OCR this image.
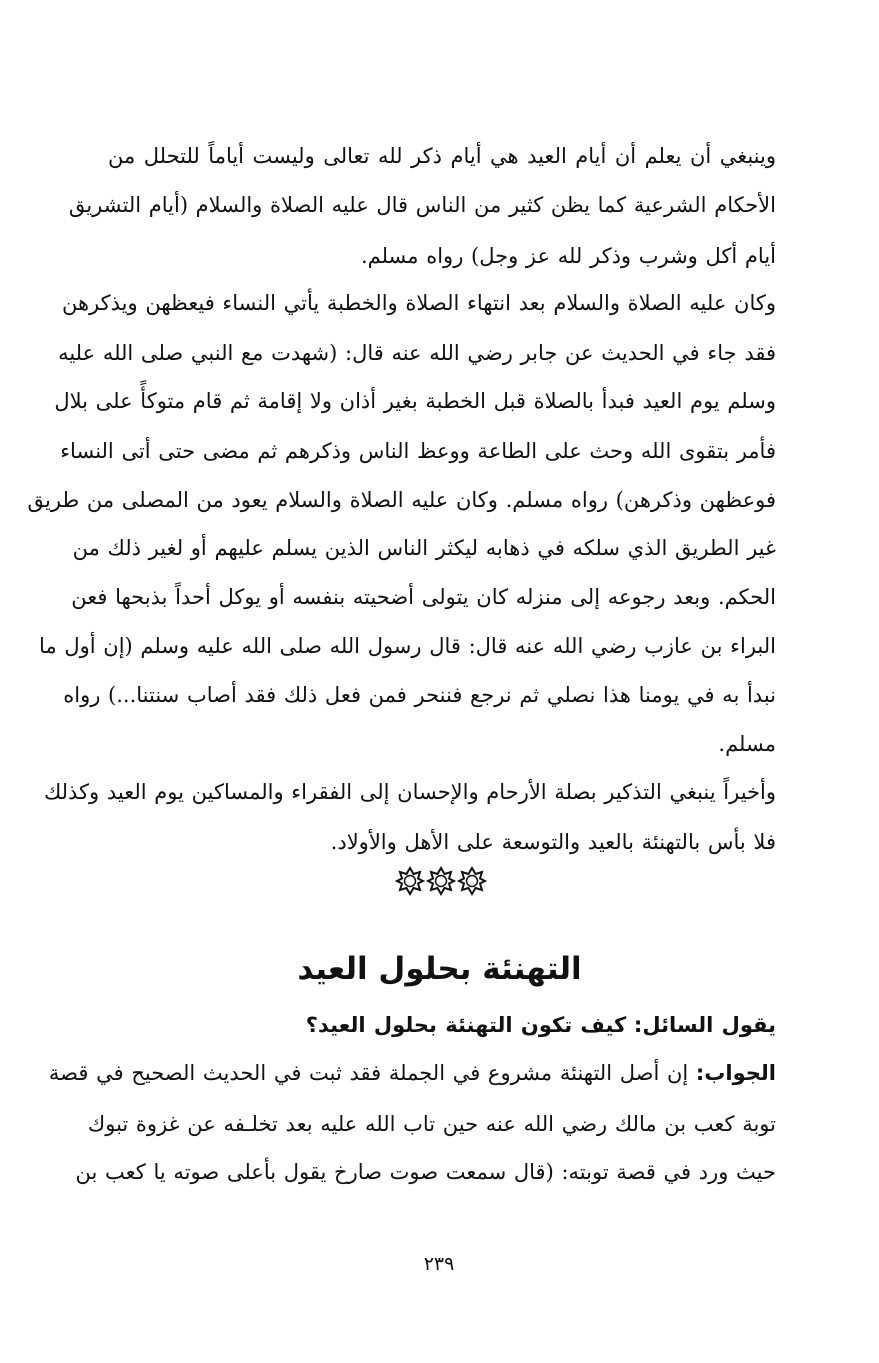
وينبغي أن يعلم أن أيام العيد هي أيام ذكر لله تعالى وليست ‌أياماً للتحلل من
الأحكام الشرعية كما يظن كثير من الناس قال عليه الصلاة والسلام (أيام التشريق
أيام أكل وشرب وذكر لله عز وجل) رواه مسلم.
وكان عليه الصلاة والسلام بعد انتهاء الصلاة والخطبة يأتي النساء فيعظهن ويذكرهن
فقد جاء في الحديث عن جابر رضي الله عنه قال: (شهدت مع النبي صلى الله عليه
وسلم يوم العيد فبدأ بالصلاة قبل الخطبة بغير أذان ولا إقامة ثم قام متوكأً على بلال
فأمر بتقوى الله وحث على الطاعة ووعظ الناس وذكرهم ثم مضى حتى أتى النساء
فوعظهن وذكرهن) رواه مسلم. وكان عليه الصلاة والسلام يعود من المصلى من طريق
غير الطريق الذي سلكه في ذهابه ليكثر الناس الذين يسلم عليهم أو لغير ذلك من
الحكم. وبعد رجوعه إلى منزله كان يتولى أضحيته بنفسه أو يوكل أحداً بذبحها فعن
البراء بن عازب رضي الله عنه قال: قال رسول الله صلى الله عليه وسلم (إن أول ما
نبدأ به في يومنا هذا نصلي ثم نرجع فننحر فمن فعل ذلك فقد أصاب سنتنا...) رواه
مسلم.
وأخيراً ينبغي التذكير بصلة الأرحام والإحسان إلى الفقراء والمساكين يوم العيد وكذلك
فلا بأس بالتهنئة بالعيد والتوسعة على الأهل والأولاد.
التهنئة بحلول العيد
يقول السائل: كيف تكون التهنئة بحلول العيد؟
الجواب: إن أصل التهنئة مشروع في الجملة فقد ثبت في الحديث الصحيح في قصة
توبة كعب بن مالك رضي الله عنه حين تاب الله عليه بعد تخلـفه عن غزوة تبوك
حيث ورد في قصة توبته: (قال سمعت صوت صارخ يقول بأعلى صوته يا كعب بن
٢٣٩
